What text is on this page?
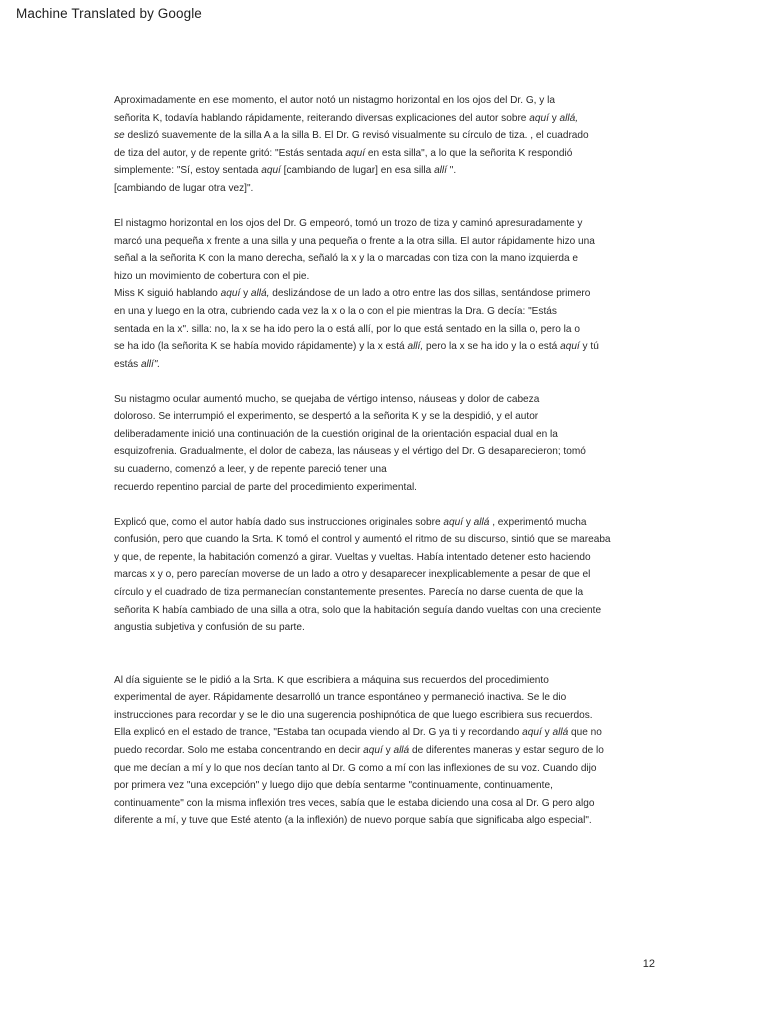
Machine Translated by Google
Aproximadamente en ese momento, el autor notó un nistagmo horizontal en los ojos del Dr. G, y la
señorita K, todavía hablando rápidamente, reiterando diversas explicaciones del autor sobre aquí y allá,
se deslizó suavemente de la silla A a la silla B. El Dr. G revisó visualmente su círculo de tiza. , el cuadrado
de tiza del autor, y de repente gritó: "Estás sentada aquí en esta silla", a lo que la señorita K respondió
simplemente: "Sí, estoy sentada aquí [cambiando de lugar] en esa silla allí ".
[cambiando de lugar otra vez]".
El nistagmo horizontal en los ojos del Dr. G empeoró, tomó un trozo de tiza y caminó apresuradamente y
marcó una pequeña x frente a una silla y una pequeña o frente a la otra silla. El autor rápidamente hizo una
señal a la señorita K con la mano derecha, señaló la x y la o marcadas con tiza con la mano izquierda e
hizo un movimiento de cobertura con el pie.
Miss K siguió hablando aquí y allá, deslizándose de un lado a otro entre las dos sillas, sentándose primero
en una y luego en la otra, cubriendo cada vez la x o la o con el pie mientras la Dra. G decía: "Estás
sentada en la x". silla: no, la x se ha ido pero la o está allí, por lo que está sentado en la silla o, pero la o
se ha ido (la señorita K se había movido rápidamente) y la x está allí, pero la x se ha ido y la o está aquí y tú
estás allí".
Su nistagmo ocular aumentó mucho, se quejaba de vértigo intenso, náuseas y dolor de cabeza
doloroso. Se interrumpió el experimento, se despertó a la señorita K y se la despidió, y el autor
deliberadamente inició una continuación de la cuestión original de la orientación espacial dual en la
esquizofrenia. Gradualmente, el dolor de cabeza, las náuseas y el vértigo del Dr. G desaparecieron; tomó
su cuaderno, comenzó a leer, y de repente pareció tener una
recuerdo repentino parcial de parte del procedimiento experimental.
Explicó que, como el autor había dado sus instrucciones originales sobre aquí y allá , experimentó mucha
confusión, pero que cuando la Srta. K tomó el control y aumentó el ritmo de su discurso, sintió que se mareaba
y que, de repente, la habitación comenzó a girar. Vueltas y vueltas. Había intentado detener esto haciendo
marcas x y o, pero parecían moverse de un lado a otro y desaparecer inexplicablemente a pesar de que el
círculo y el cuadrado de tiza permanecían constantemente presentes. Parecía no darse cuenta de que la
señorita K había cambiado de una silla a otra, solo que la habitación seguía dando vueltas con una creciente
angustia subjetiva y confusión de su parte.
Al día siguiente se le pidió a la Srta. K que escribiera a máquina sus recuerdos del procedimiento
experimental de ayer. Rápidamente desarrolló un trance espontáneo y permaneció inactiva. Se le dio
instrucciones para recordar y se le dio una sugerencia poshipnótica de que luego escribiera sus recuerdos.
Ella explicó en el estado de trance, "Estaba tan ocupada viendo al Dr. G ya ti y recordando aquí y allá que no
puedo recordar. Solo me estaba concentrando en decir aquí y allá de diferentes maneras y estar seguro de lo
que me decían a mí y lo que nos decían tanto al Dr. G como a mí con las inflexiones de su voz. Cuando dijo
por primera vez "una excepción" y luego dijo que debía sentarme "continuamente, continuamente,
continuamente" con la misma inflexión tres veces, sabía que le estaba diciendo una cosa al Dr. G pero algo
diferente a mí, y tuve que Esté atento (a la inflexión) de nuevo porque sabía que significaba algo especial".
12
